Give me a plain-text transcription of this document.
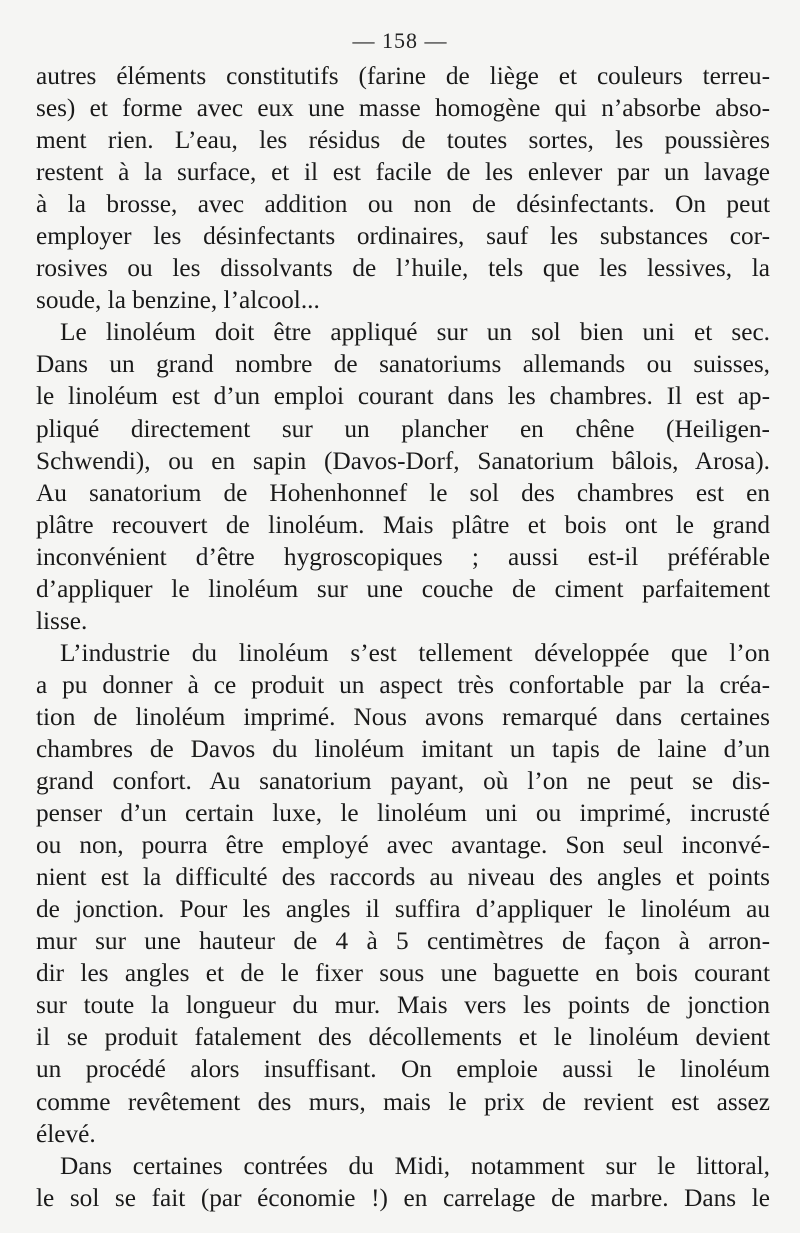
— 158 —
autres éléments constitutifs (farine de liège et couleurs terreu-
ses) et forme avec eux une masse homogène qui n’absorbe abso-
ment rien. L’eau, les résidus de toutes sortes, les poussières
restent à la surface, et il est facile de les enlever par un lavage
à la brosse, avec addition ou non de désinfectants. On peut
employer les désinfectants ordinaires, sauf les substances cor-
rosives ou les dissolvants de l’huile, tels que les lessives, la
soude, la benzine, l’alcool...
Le linoléum doit être appliqué sur un sol bien uni et sec.
Dans un grand nombre de sanatoriums allemands ou suisses,
le linoléum est d’un emploi courant dans les chambres. Il est ap-
pliqué directement sur un plancher en chêne (Heiligen-
Schwendi), ou en sapin (Davos-Dorf, Sanatorium bâlois, Arosa).
Au sanatorium de Hohenhonnef le sol des chambres est en
plâtre recouvert de linoléum. Mais plâtre et bois ont le grand
inconvénient d’être hygroscopiques ; aussi est-il préférable
d’appliquer le linoléum sur une couche de ciment parfaitement
lisse.
L’industrie du linoléum s’est tellement développée que l’on
a pu donner à ce produit un aspect très confortable par la créa-
tion de linoléum imprimé. Nous avons remarqué dans certaines
chambres de Davos du linoléum imitant un tapis de laine d’un
grand confort. Au sanatorium payant, où l’on ne peut se dis-
penser d’un certain luxe, le linoléum uni ou imprimé, incrusté
ou non, pourra être employé avec avantage. Son seul inconvé-
nient est la difficulté des raccords au niveau des angles et points
de jonction. Pour les angles il suffira d’appliquer le linoléum au
mur sur une hauteur de 4 à 5 centimètres de façon à arron-
dir les angles et de le fixer sous une baguette en bois courant
sur toute la longueur du mur. Mais vers les points de jonction
il se produit fatalement des décollements et le linoléum devient
un procédé alors insuffisant. On emploie aussi le linoléum
comme revêtement des murs, mais le prix de revient est assez
élevé.
Dans certaines contrées du Midi, notamment sur le littoral,
le sol se fait (par économie !) en carrelage de marbre. Dans le
